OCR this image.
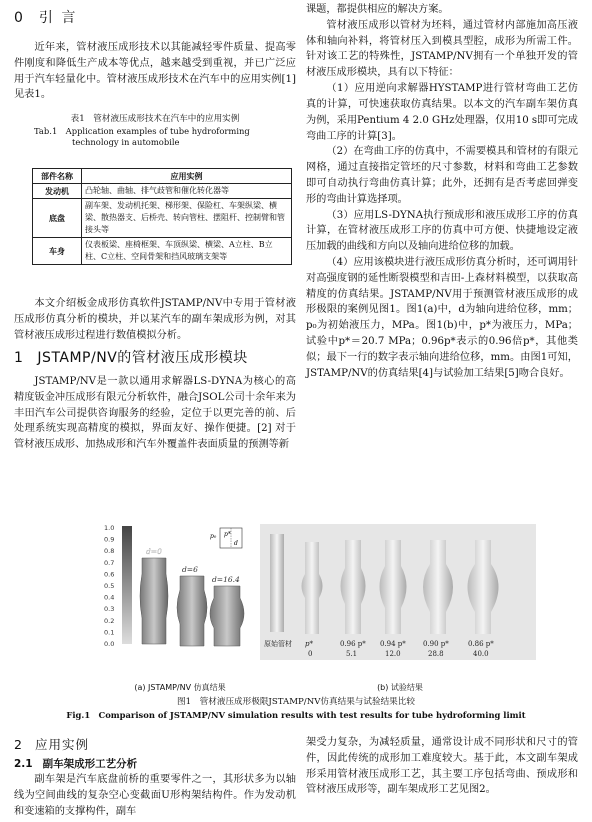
0 引 言

近年来，管材液压成形技术以其能减轻零件质量、提高零件刚度和降低生产成本等优点，越来越受到重视，并已广泛应用于汽车轻量化中。管材液压成形技术在汽车中的应用实例[1]见表1。

表1　管材液压成形技术在汽车中的应用实例
Tab.1　Application examples of tube hydroforming
technology in automobile
部件名称	应用实例
发动机	凸轮轴、曲轴、排气歧管和催化转化器等
底盘	副车架、发动机托架、梯形架、保险杠、车架纵梁、横梁、散热器支、后桥壳、转向管柱、摆阻杆、控制臂和管接头等
车身	仪表板梁、座椅框架、车顶纵梁、横梁、A立柱、B立柱、C立柱、空间骨架和挡风玻璃支架等

本文介绍板金成形仿真软件JSTAMP/NV中专用于管材液压成形仿真分析的模块，并以某汽车的副车架成形为例，对其管材液压成形过程进行数值模拟分析。

1 JSTAMP/NV的管材液压成形模块

JSTAMP/NV是一款以通用求解器LS-DYNA为核心的高精度钣金冲压成形有限元分析软件，融合JSOL公司十余年来为丰田汽车公司提供咨询服务的经验，定位于以更完善的前、后处理系统实现高精度的模拟，界面友好、操作便捷。[2] 对于管材液压成形、加热成形和汽车外覆盖件表面质量的预测等新

课题，都提供相应的解决方案。

管材液压成形以管材为坯料，通过管材内部施加高压液体和轴向补料，将管材压入到模具型腔，成形为所需工件。针对该工艺的特殊性，JSTAMP/NV拥有一个单独开发的管材液压成形模块，具有以下特征：

（1）应用逆向求解器HYSTAMP进行管材弯曲工艺仿真的计算，可快速获取仿真结果。以本文的汽车副车架仿真为例，采用Pentium 4 2.0 GHz处理器，仅用10 s即可完成弯曲工序的计算[3]。

（2）在弯曲工序的仿真中，不需要模具和管材的有限元网格，通过直接指定管坯的尺寸参数，材料和弯曲工艺参数即可自动执行弯曲仿真计算；此外，还拥有是否考虑回弹变形的弯曲计算选择项。

（3）应用LS-DYNA执行预成形和液压成形工序的仿真计算，在管材液压成形工序的仿真中可方便、快捷地设定液压加载的曲线和方向以及轴向进给位移的加载。

（4）应用该模块进行液压成形仿真分析时，还可调用针对高强度钢的延性断裂模型和吉田-上森材料模型，以获取高精度的仿真结果。JSTAMP/NV用于预测管材液压成形的成形极限的案例见图1。图1(a)中，d为轴向进给位移，mm；p₀为初始液压力，MPa。图1(b)中，p*为液压力，MPa；试验中p*＝20.7 MPa；0.96p*表示的0.96倍p*，其他类似；最下一行的数字表示轴向进给位移，mm。由图1可知，JSTAMP/NV的仿真结果[4]与试验加工结果[5]吻合良好。

1.0
0.9
0.8
0.7
0.6
0.5
0.4
0.3
0.2
0.1
0.0
d=0
d=6
d=16.4
p*
p₀
d
原始管材 p*	0.96 p* 0.94 p* 0.90 p*	0.86 p*
0	5.1	12.0	28.8	40.0
(a) JSTAMP/NV 仿真结果	(b) 试验结果
图1　管材液压成形极限JSTAMP/NV仿真结果与试验结果比较
Fig.1　Comparison of JSTAMP/NV simulation results with test results for tube hydroforming limit
2 应用实例
2.1 副车架成形工艺分析

副车架是汽车底盘前桥的重要零件之一，其形状多为以轴线为空间曲线的复杂空心变截面U形构架结构件。作为发动机和变速箱的支撑构件，副车

架受力复杂，为减轻质量，通常设计成不同形状和尺寸的管件，因此传统的成形加工难度较大。基于此，本文副车架成形采用管材液压成形工艺，其主要工序包括弯曲、预成形和管材液压成形等，副车架成形工艺见图2。
